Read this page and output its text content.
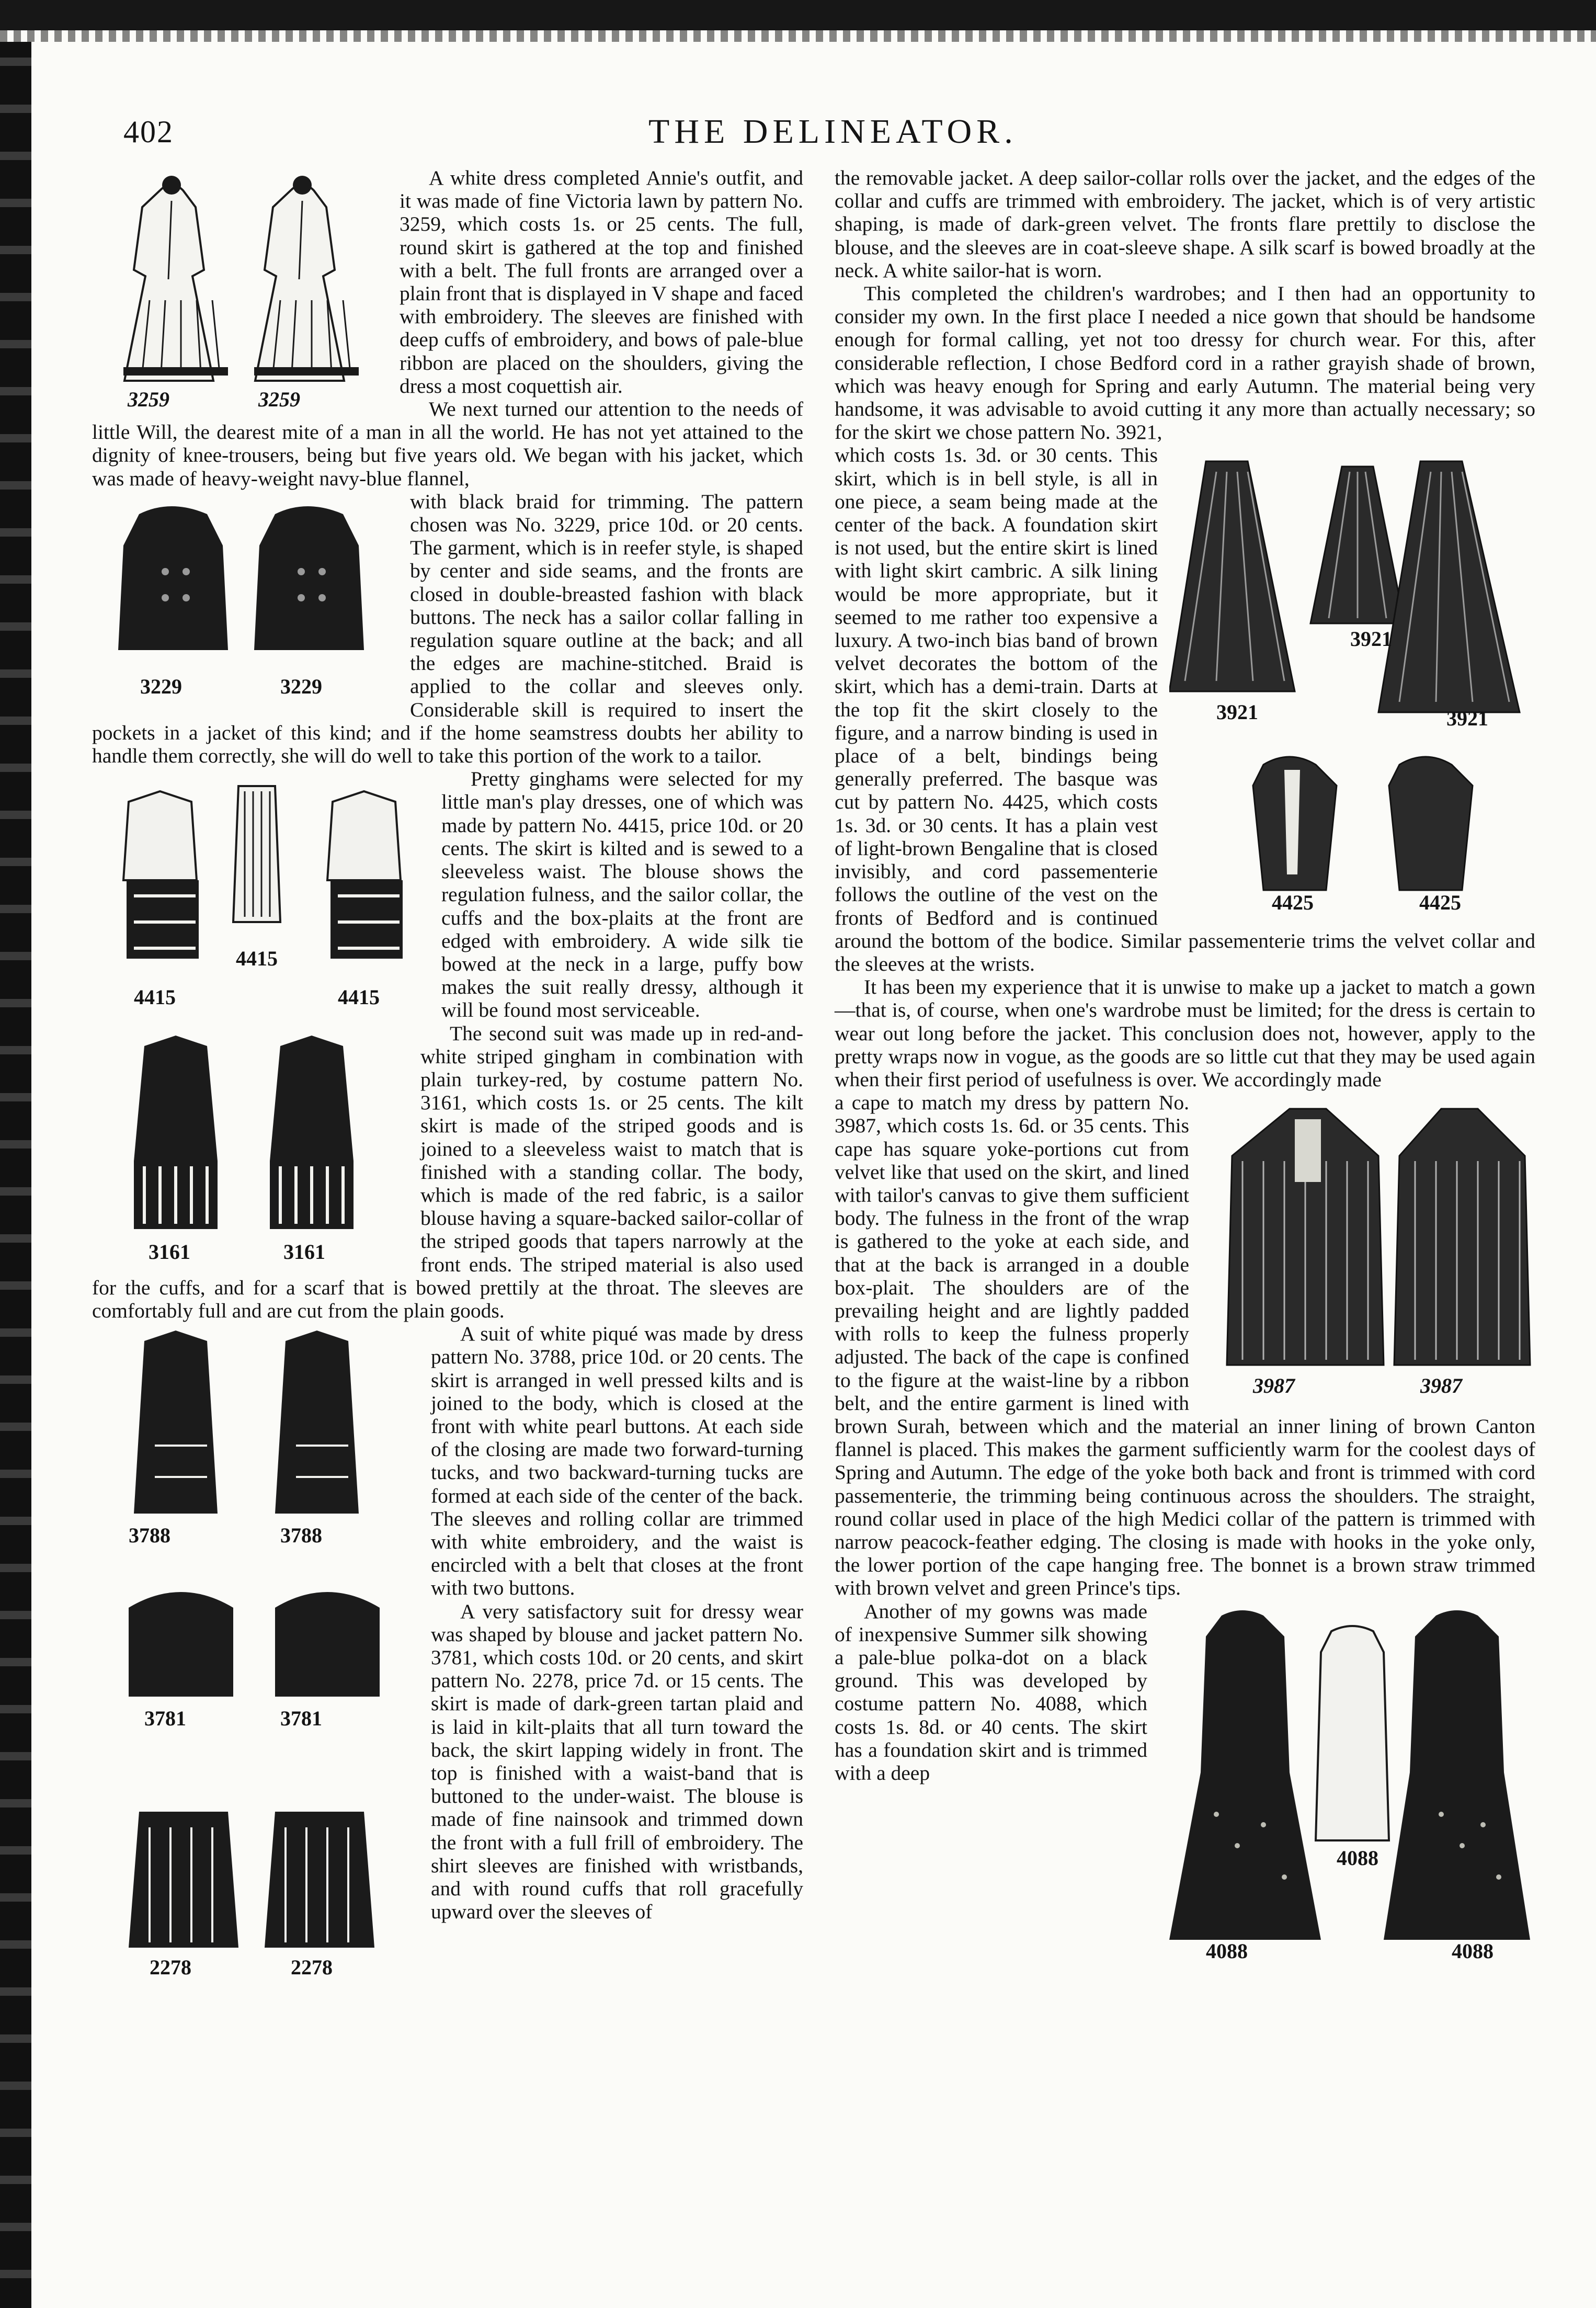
402	THE DELINEATOR.
3259	3259

A white dress completed Annie's outfit, and it was made of fine Victoria lawn by pattern No. 3259, which costs 1s. or 25 cents. The full, round skirt is gathered at the top and finished with a belt. The full fronts are arranged over a plain front that is displayed in V shape and faced with embroidery. The sleeves are finished with deep cuffs of embroidery, and bows of pale-blue ribbon are placed on the shoulders, giving the dress a most coquettish air.

We next turned our attention to the needs of little Will, the dearest mite of a man in all the world. He has not yet attained to the dignity of knee-trousers, being but five years old. We began with his jacket, which was made of heavy-weight navy-blue flannel,

3229	3229

with black braid for trimming. The pattern chosen was No. 3229, price 10d. or 20 cents. The garment, which is in reefer style, is shaped by center and side seams, and the fronts are closed in double-breasted fashion with black buttons. The neck has a sailor collar falling in regulation square outline at the back; and all the edges are machine-stitched. Braid is applied to the collar and sleeves only. Considerable skill is required to insert the pockets in a jacket of this kind; and if the home seamstress doubts her ability to handle them correctly, she will do well to take this portion of the work to a tailor.

4415
4415
4415

Pretty ginghams were selected for my little man's play dresses, one of which was made by pattern No. 4415, price 10d. or 20 cents. The skirt is kilted and is sewed to a sleeveless waist. The blouse shows the regulation fulness, and the sailor collar, the cuffs and the box-plaits at the front are edged with embroidery. A wide silk tie bowed at the neck in a large, puffy bow makes the suit really dressy, although it will be found most serviceable.

3161	3161

The second suit was made up in red-and-white striped gingham in combination with plain turkey-red, by costume pattern No. 3161, which costs 1s. or 25 cents. The kilt skirt is made of the striped goods and is joined to a sleeveless waist to match that is finished with a standing collar. The body, which is made of the red fabric, is a sailor blouse having a square-backed sailor-collar of the striped goods that tapers narrowly at the front ends. The striped material is also used for the cuffs, and for a scarf that is bowed prettily at the throat. The sleeves are comfortably full and are cut from the plain goods.

3788	3788
3781	3781
2278	2278

A suit of white piqué was made by dress pattern No. 3788, price 10d. or 20 cents. The skirt is arranged in well pressed kilts and is joined to the body, which is closed at the front with white pearl buttons. At each side of the closing are made two forward-turning tucks, and two backward-turning tucks are formed at each side of the center of the back. The sleeves and rolling collar are trimmed with white embroidery, and the waist is encircled with a belt that closes at the front with two buttons.

A very satisfactory suit for dressy wear was shaped by blouse and jacket pattern No. 3781, which costs 10d. or 20 cents, and skirt pattern No. 2278, price 7d. or 15 cents. The skirt is made of dark-green tartan plaid and is laid in kilt-plaits that all turn toward the back, the skirt lapping widely in front. The top is finished with a waist-band that is buttoned to the under-waist. The blouse is made of fine nainsook and trimmed down the front with a full frill of embroidery. The shirt sleeves are finished with wristbands, and with round cuffs that roll gracefully upward over the sleeves of

the removable jacket. A deep sailor-collar rolls over the jacket, and the edges of the collar and cuffs are trimmed with embroidery. The jacket, which is of very artistic shaping, is made of dark-green velvet. The fronts flare prettily to disclose the blouse, and the sleeves are in coat-sleeve shape. A silk scarf is bowed broadly at the neck. A white sailor-hat is worn.

This completed the children's wardrobes; and I then had an opportunity to consider my own. In the first place I needed a nice gown that should be handsome enough for formal calling, yet not too dressy for church wear. For this, after considerable reflection, I chose Bedford cord in a rather grayish shade of brown, which was heavy enough for Spring and early Autumn. The material being very handsome, it was advisable to avoid cutting it any more than actually necessary; so for the skirt we chose pattern No. 3921,

3921
3921
3921
4425	4425

which costs 1s. 3d. or 30 cents. This skirt, which is in bell style, is all in one piece, a seam being made at the center of the back. A foundation skirt is not used, but the entire skirt is lined with light skirt cambric. A silk lining would be more appropriate, but it seemed to me rather too expensive a luxury. A two-inch bias band of brown velvet decorates the bottom of the skirt, which has a demi-train. Darts at the top fit the skirt closely to the figure, and a narrow binding is used in place of a belt, bindings being generally preferred. The basque was cut by pattern No. 4425, which costs 1s. 3d. or 30 cents. It has a plain vest of light-brown Bengaline that is closed invisibly, and cord passementerie follows the outline of the vest on the fronts of Bedford and is continued around the bottom of the bodice. Similar passementerie trims the velvet collar and the sleeves at the wrists.

It has been my experience that it is unwise to make up a jacket to match a gown—that is, of course, when one's wardrobe must be limited; for the dress is certain to wear out long before the jacket. This conclusion does not, however, apply to the pretty wraps now in vogue, as the goods are so little cut that they may be used again when their first period of usefulness is over. We accordingly made

3987	3987

a cape to match my dress by pattern No. 3987, which costs 1s. 6d. or 35 cents. This cape has square yoke-portions cut from velvet like that used on the skirt, and lined with tailor's canvas to give them sufficient body. The fulness in the front of the wrap is gathered to the yoke at each side, and that at the back is arranged in a double box-plait. The shoulders are of the prevailing height and are lightly padded with rolls to keep the fulness properly adjusted. The back of the cape is confined to the figure at the waist-line by a ribbon belt, and the entire garment is lined with brown Surah, between which and the material an inner lining of brown Canton flannel is placed. This makes the garment sufficiently warm for the coolest days of Spring and Autumn. The edge of the yoke both back and front is trimmed with cord passementerie, the trimming being continuous across the shoulders. The straight, round collar used in place of the high Medici collar of the pattern is trimmed with narrow peacock-feather edging. The closing is made with hooks in the yoke only, the lower portion of the cape hanging free. The bonnet is a brown straw trimmed with brown velvet and green Prince's tips.

4088
4088
4088

Another of my gowns was made of inexpensive Summer silk showing a pale-blue polka-dot on a black ground. This was developed by costume pattern No. 4088, which costs 1s. 8d. or 40 cents. The skirt has a foundation skirt and is trimmed with a deep
